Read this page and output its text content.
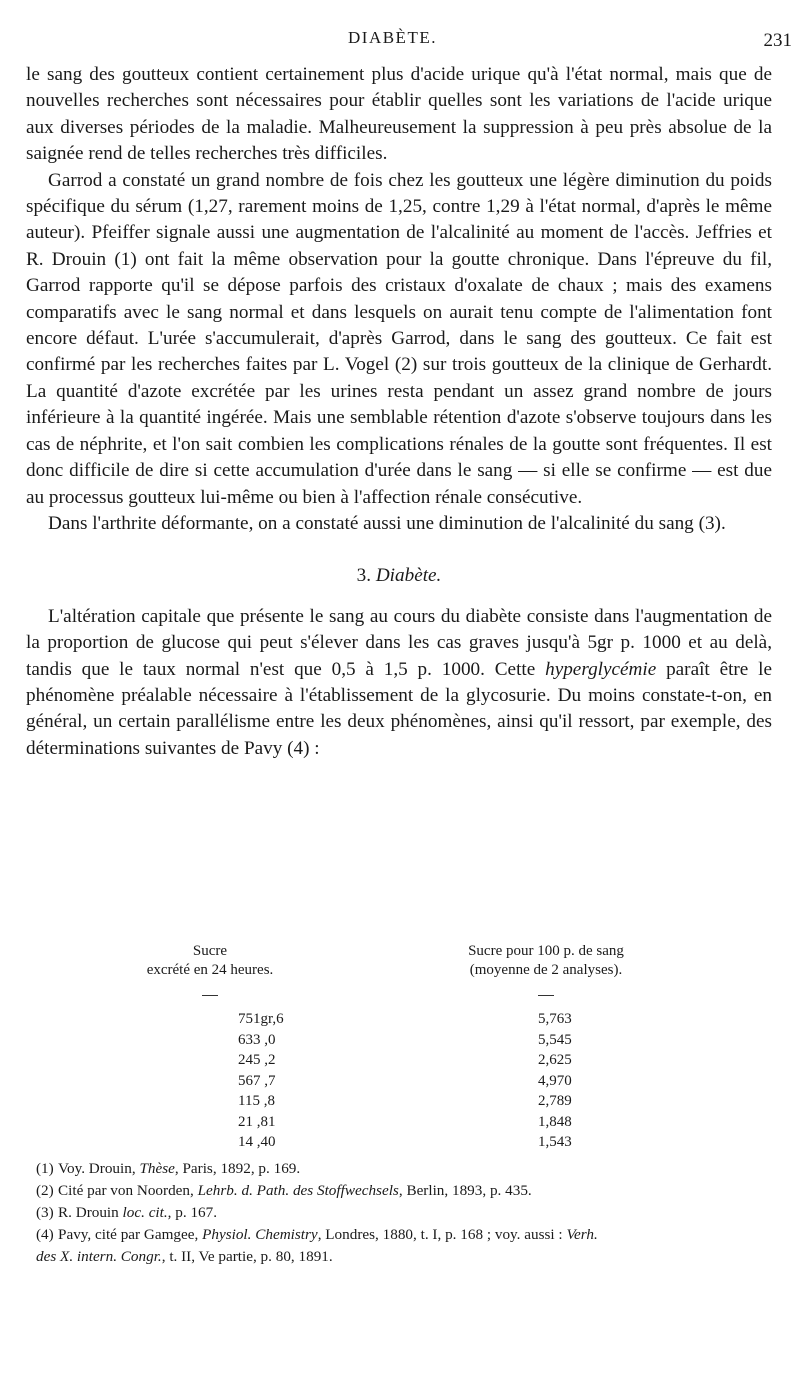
DIABÈTE.	231

le sang des goutteux contient certainement plus d'acide urique qu'à l'état normal, mais que de nouvelles recherches sont nécessaires pour établir quelles sont les variations de l'acide urique aux diverses périodes de la maladie. Malheureusement la suppression à peu près absolue de la saignée rend de telles recherches très difficiles.

Garrod a constaté un grand nombre de fois chez les goutteux une légère diminution du poids spécifique du sérum (1,27, rarement moins de 1,25, contre 1,29 à l'état normal, d'après le même auteur). Pfeiffer signale aussi une augmentation de l'alcalinité au moment de l'accès. Jeffries et R. Drouin (1) ont fait la même observation pour la goutte chronique. Dans l'épreuve du fil, Garrod rapporte qu'il se dépose parfois des cristaux d'oxalate de chaux ; mais des examens comparatifs avec le sang normal et dans lesquels on aurait tenu compte de l'alimentation font encore défaut. L'urée s'accumulerait, d'après Garrod, dans le sang des goutteux. Ce fait est confirmé par les recherches faites par L. Vogel (2) sur trois goutteux de la clinique de Gerhardt. La quantité d'azote excrétée par les urines resta pendant un assez grand nombre de jours inférieure à la quantité ingérée. Mais une semblable rétention d'azote s'observe toujours dans les cas de néphrite, et l'on sait combien les complications rénales de la goutte sont fréquentes. Il est donc difficile de dire si cette accumulation d'urée dans le sang — si elle se confirme — est due au processus goutteux lui-même ou bien à l'affection rénale consécutive.

Dans l'arthrite déformante, on a constaté aussi une diminution de l'alcalinité du sang (3).

3. Diabète.

L'altération capitale que présente le sang au cours du diabète consiste dans l'augmentation de la proportion de glucose qui peut s'élever dans les cas graves jusqu'à 5gr p. 1000 et au delà, tandis que le taux normal n'est que 0,5 à 1,5 p. 1000. Cette hyperglycémie paraît être le phénomène préalable nécessaire à l'établissement de la glycosurie. Du moins constate-t-on, en général, un certain parallélisme entre les deux phénomènes, ainsi qu'il ressort, par exemple, des déterminations suivantes de Pavy (4) :

Sucre
excrété en 24 heures.
Sucre pour 100 p. de sang
(moyenne de 2 analyses).
751gr,6	5,763
633 ,0	5,545
245 ,2	2,625
567 ,7	4,970
115 ,8	2,789
21 ,81	1,848
14 ,40	1,543
(1) Voy. Drouin, Thèse, Paris, 1892, p. 169.
(2) Cité par von Noorden, Lehrb. d. Path. des Stoffwechsels, Berlin, 1893, p. 435.
(3) R. Drouin loc. cit., p. 167.
(4) Pavy, cité par Gamgee, Physiol. Chemistry, Londres, 1880, t. I, p. 168 ; voy. aussi : Verh.
des X. intern. Congr., t. II, Ve partie, p. 80, 1891.
